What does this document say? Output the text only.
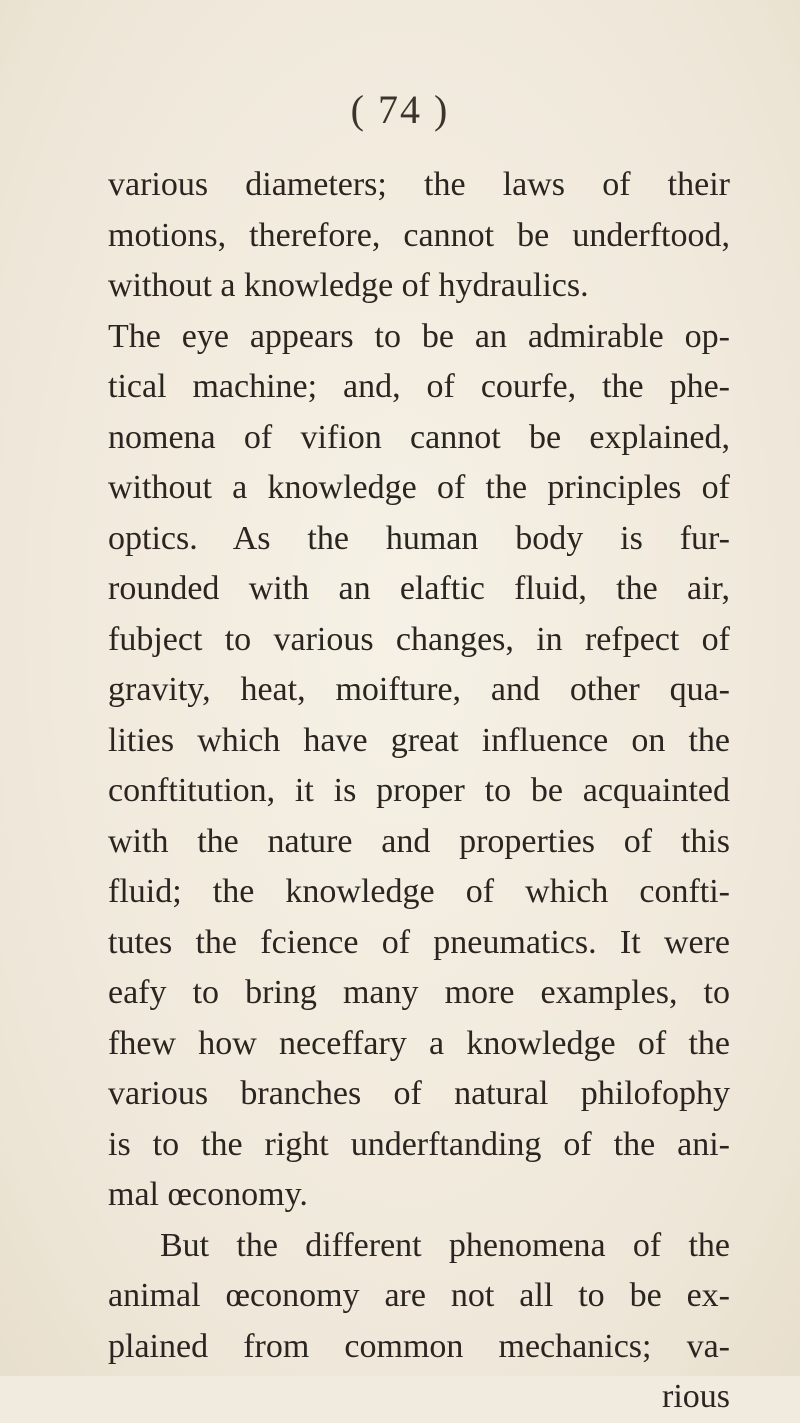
( 74 )
various diameters; the laws of their
motions, therefore, cannot be underftood,
without a knowledge of hydraulics.
The eye appears to be an admirable op-
tical machine; and, of courfe, the phe-
nomena of vifion cannot be explained,
without a knowledge of the principles of
optics. As the human body is fur-
rounded with an elaftic fluid, the air,
fubject to various changes, in refpect of
gravity, heat, moifture, and other qua-
lities which have great influence on the
conftitution, it is proper to be acquainted
with the nature and properties of this
fluid; the knowledge of which confti-
tutes the fcience of pneumatics. It were
eafy to bring many more examples, to
fhew how neceffary a knowledge of the
various branches of natural philofophy
is to the right underftanding of the ani-
mal œconomy.
But the different phenomena of the
animal œconomy are not all to be ex-
plained from common mechanics; va-
rious
